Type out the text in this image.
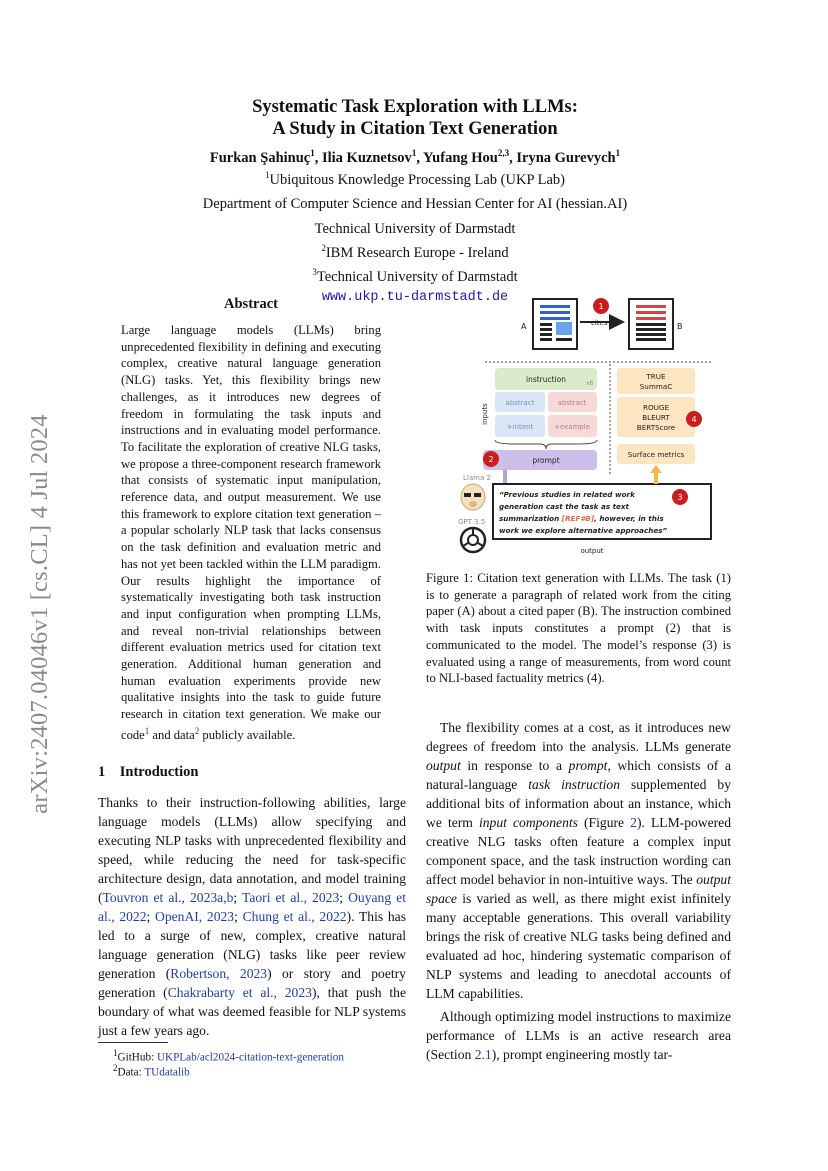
arXiv:2407.04046v1 [cs.CL] 4 Jul 2024
Systematic Task Exploration with LLMs:
A Study in Citation Text Generation
Furkan Şahinuç$^1$, Ilia Kuznetsov$^1$, Yufang Hou$^{2,3}$, Iryna Gurevych$^1$
$^1$Ubiquitous Knowledge Processing Lab (UKP Lab)
Department of Computer Science and Hessian Center for AI (hessian.AI)
Technical University of Darmstadt
$^2$IBM Research Europe - Ireland
$^3$Technical University of Darmstadt
www.ukp.tu-darmstadt.de
Abstract
Large language models (LLMs) bring unprecedented flexibility in defining and executing complex, creative natural language generation (NLG) tasks. Yet, this flexibility brings new challenges, as it introduces new degrees of freedom in formulating the task inputs and instructions and in evaluating model performance. To facilitate the exploration of creative NLG tasks, we propose a three-component research framework that consists of systematic input manipulation, reference data, and output measurement. We use this framework to explore citation text generation – a popular scholarly NLP task that lacks consensus on the task definition and evaluation metric and has not yet been tackled within the LLM paradigm. Our results highlight the importance of systematically investigating both task instruction and input configuration when prompting LLMs, and reveal non-trivial relationships between different evaluation metrics used for citation text generation. Additional human generation and human evaluation experiments provide new qualitative insights into the task to guide future research in citation text generation. We make our code$^1$ and data$^2$ publicly available.
1 Introduction
Thanks to their instruction-following abilities, large language models (LLMs) allow specifying and executing NLP tasks with unprecedented flexibility and speed, while reducing the need for task-specific architecture design, data annotation, and model training (Touvron et al., 2023a,b; Taori et al., 2023; Ouyang et al., 2022; OpenAI, 2023; Chung et al., 2022). This has led to a surge of new, complex, creative natural language generation (NLG) tasks like peer review generation (Robertson, 2023) or story and poetry generation (Chakrabarty et al., 2023), that push the boundary of what was deemed feasible for NLP systems just a few years ago.
$^1$GitHub: UKPLab/acl2024-citation-text-generation
$^2$Data: TUdatalib
A	B
1
cites
instruction	x6
abstract	abstract
+intent	+example
inputs
prompt
2
Llama 2
GPT 3.5
“Previous studies in related work
generation cast the task as text
summarization [REF#B], however, in this
work we explore alternative approaches”
3
output
TRUE
SummaC
ROUGE
BLEURT
BERTScore
4
Surface metrics
Figure 1: Citation text generation with LLMs. The task (1) is to generate a paragraph of related work from the citing paper (A) about a cited paper (B). The instruction combined with task inputs constitutes a prompt (2) that is communicated to the model. The model’s response (3) is evaluated using a range of measurements, from word count to NLI-based factuality metrics (4).

The flexibility comes at a cost, as it introduces new degrees of freedom into the analysis. LLMs generate output in response to a prompt, which consists of a natural-language task instruction supplemented by additional bits of information about an instance, which we term input components (Figure 2). LLM-powered creative NLG tasks often feature a complex input component space, and the task instruction wording can affect model behavior in non-intuitive ways. The output space is varied as well, as there might exist infinitely many acceptable generations. This overall variability brings the risk of creative NLG tasks being defined and evaluated ad hoc, hindering systematic comparison of NLP systems and leading to anecdotal accounts of LLM capabilities.

Although optimizing model instructions to maximize performance of LLMs is an active research area (Section 2.1), prompt engineering mostly tar-
